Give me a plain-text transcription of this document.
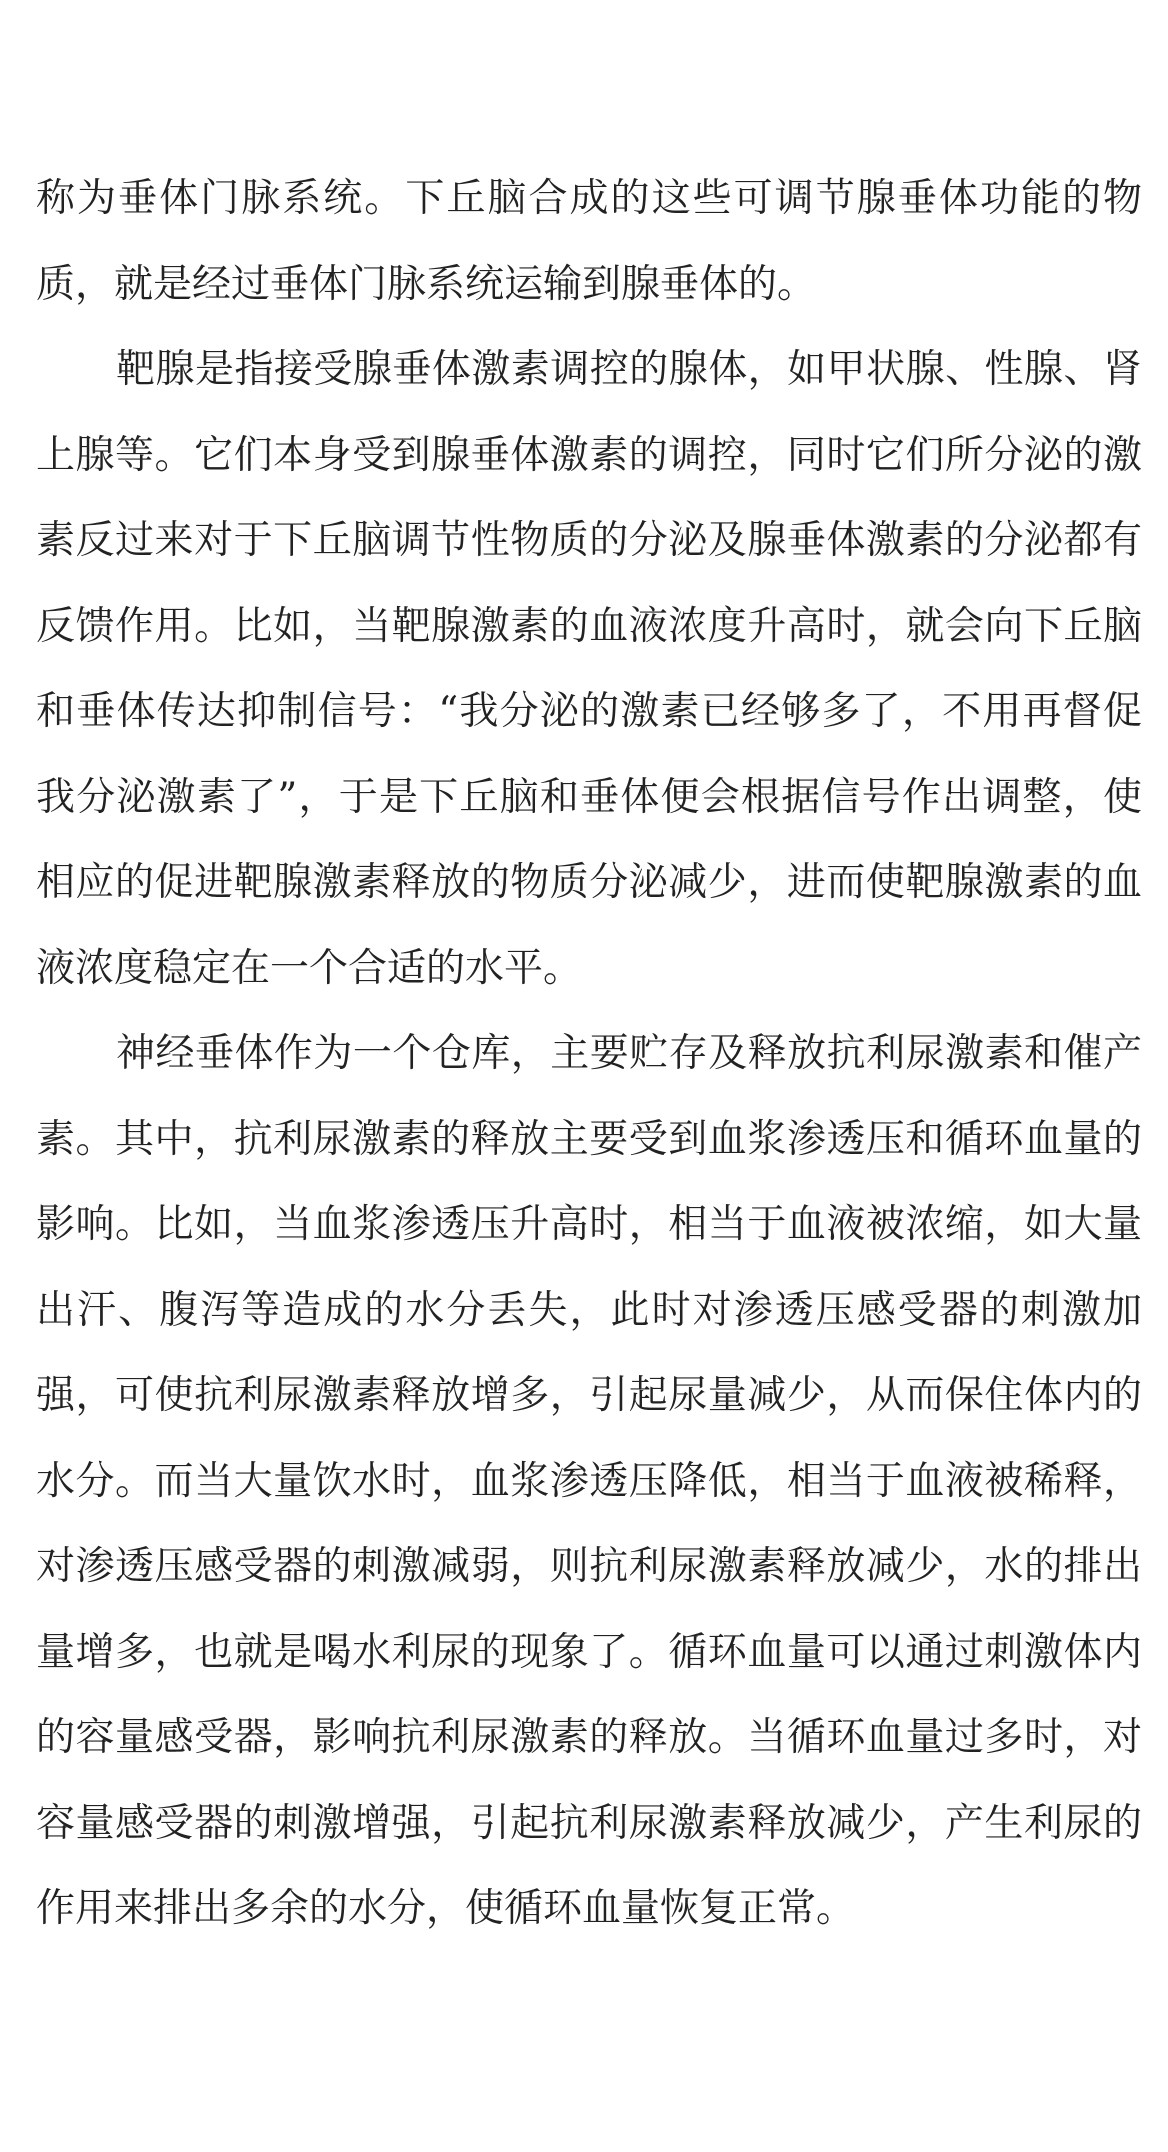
称为垂体门脉系统。下丘脑合成的这些可调节腺垂体功能的物质，就是经过垂体门脉系统运输到腺垂体的。

靶腺是指接受腺垂体激素调控的腺体，如甲状腺、性腺、肾上腺等。它们本身受到腺垂体激素的调控，同时它们所分泌的激素反过来对于下丘脑调节性物质的分泌及腺垂体激素的分泌都有反馈作用。比如，当靶腺激素的血液浓度升高时，就会向下丘脑和垂体传达抑制信号：“我分泌的激素已经够多了，不用再督促我分泌激素了”，于是下丘脑和垂体便会根据信号作出调整，使相应的促进靶腺激素释放的物质分泌减少，进而使靶腺激素的血液浓度稳定在一个合适的水平。

神经垂体作为一个仓库，主要贮存及释放抗利尿激素和催产素。其中，抗利尿激素的释放主要受到血浆渗透压和循环血量的影响。比如，当血浆渗透压升高时，相当于血液被浓缩，如大量出汗、腹泻等造成的水分丢失，此时对渗透压感受器的刺激加强，可使抗利尿激素释放增多，引起尿量减少，从而保住体内的水分。而当大量饮水时，血浆渗透压降低，相当于血液被稀释，对渗透压感受器的刺激减弱，则抗利尿激素释放减少，水的排出量增多，也就是喝水利尿的现象了。循环血量可以通过刺激体内的容量感受器，影响抗利尿激素的释放。当循环血量过多时，对容量感受器的刺激增强，引起抗利尿激素释放减少，产生利尿的作用来排出多余的水分，使循环血量恢复正常。
